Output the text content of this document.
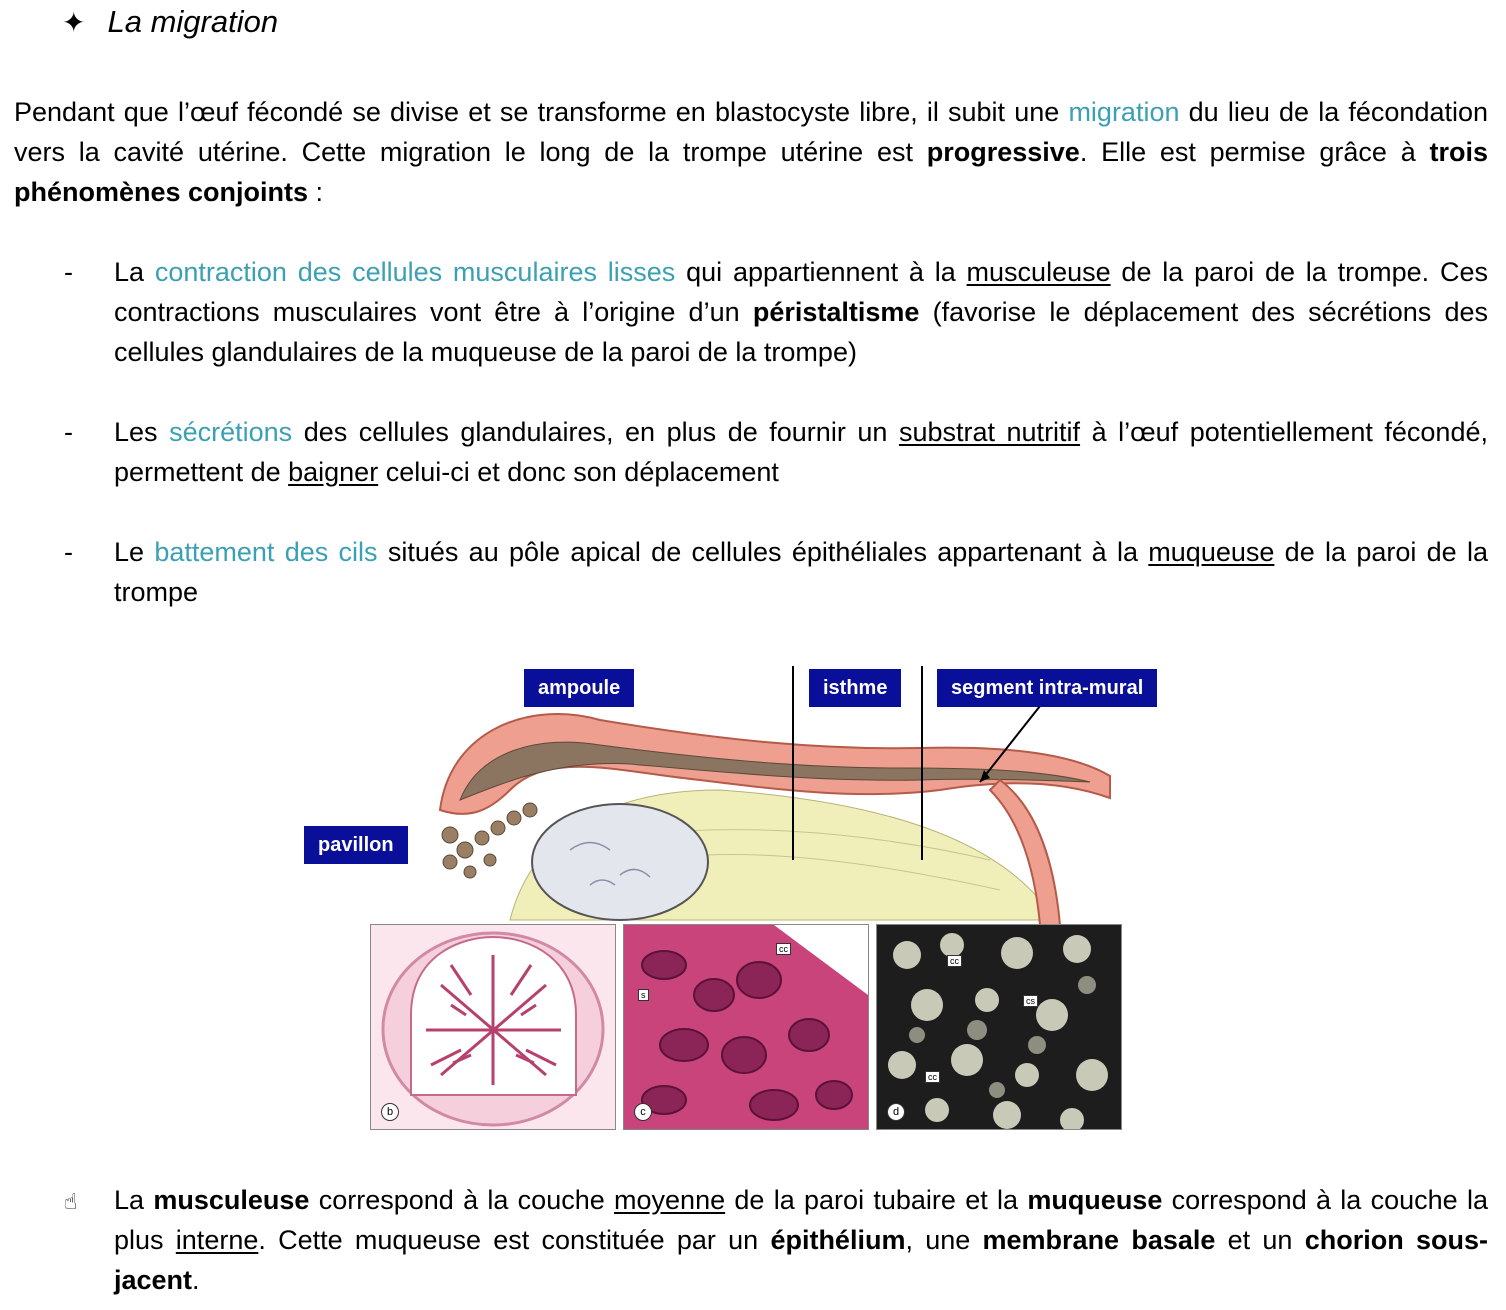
✦ La migration

Pendant que l’œuf fécondé se divise et se transforme en blastocyste libre, il subit une migration du lieu de la fécondation vers la cavité utérine. Cette migration le long de la trompe utérine est progressive. Elle est permise grâce à trois phénomènes conjoints :

- La contraction des cellules musculaires lisses qui appartiennent à la musculeuse de la paroi de la trompe. Ces contractions musculaires vont être à l’origine d’un péristaltisme (favorise le déplacement des sécrétions des cellules glandulaires de la muqueuse de la paroi de la trompe)

- Les sécrétions des cellules glandulaires, en plus de fournir un substrat nutritif à l’œuf potentiellement fécondé, permettent de baigner celui-ci et donc son déplacement

- Le battement des cils situés au pôle apical de cellules épithéliales appartenant à la muqueuse de la paroi de la trompe

ampoule	isthme	segment intra-mural
pavillon
b	c
cc
s
d
cc
cs
cc
☝ La musculeuse correspond à la couche moyenne de la paroi tubaire et la muqueuse correspond à la couche la plus interne. Cette muqueuse est constituée par un épithélium, une membrane basale et un chorion sous-jacent.
